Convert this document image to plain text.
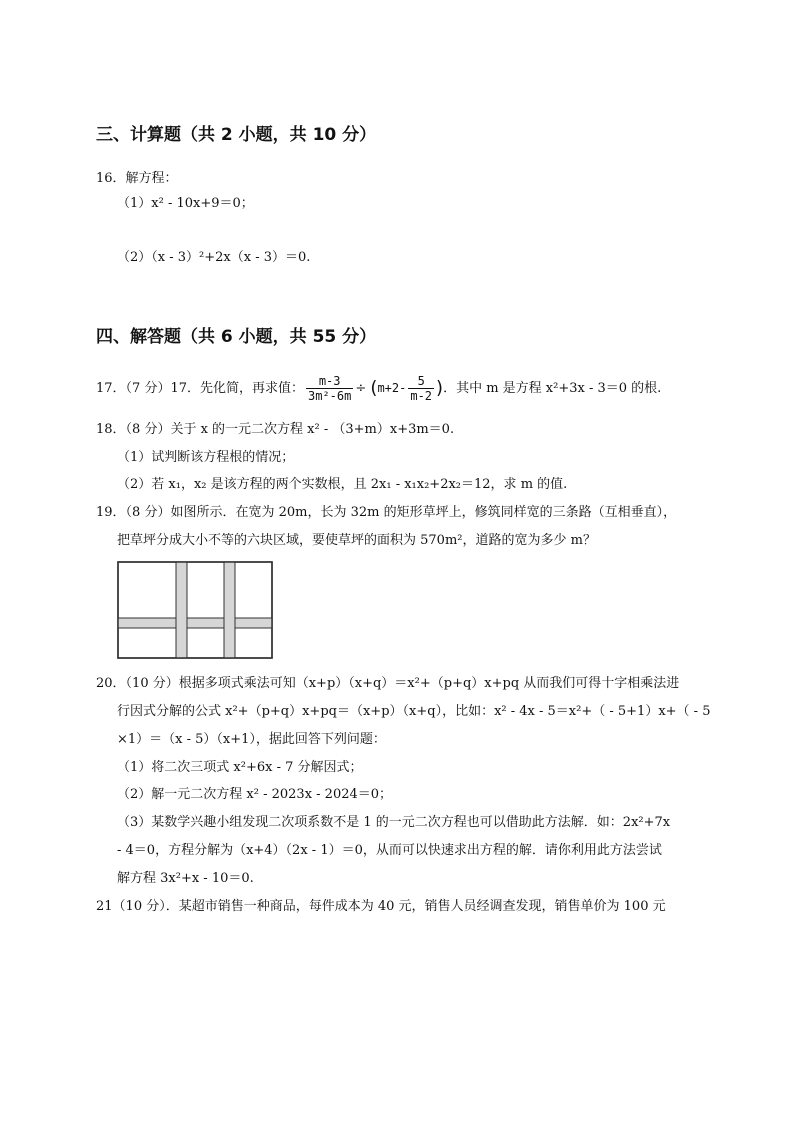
三、计算题（共 2 小题，共 10 分）
16．解方程：
（1）x² - 10x+9＝0；
（2）（x - 3）²+2x（x - 3）＝0.
四、解答题（共 6 小题，共 55 分）
17．（7 分）17．先化简，再求值： $\frac{m-3}{\text{3m²-6m}} \div (m+2- \frac{5}{m-2}$ )．其中 m 是方程 x²+3x - 3＝0 的根.
18．（8 分）关于 x 的一元二次方程 x² - （3+m）x+3m＝0.
（1）试判断该方程根的情况；
（2）若 x₁，x₂ 是该方程的两个实数根，且 2x₁ - x₁x₂+2x₂＝12，求 m 的值.
19．（8 分）如图所示．在宽为 20m，长为 32m 的矩形草坪上，修筑同样宽的三条路（互相垂直），
把草坪分成大小不等的六块区域，要使草坪的面积为 570m²，道路的宽为多少 m？
20．（10 分）根据多项式乘法可知（x+p）（x+q）＝x²+（p+q）x+pq 从而我们可得十字相乘法进
行因式分解的公式 x²+（p+q）x+pq＝（x+p）（x+q），比如：x² - 4x - 5＝x²+（ - 5+1）x+（ - 5
×1）＝（x - 5）（x+1），据此回答下列问题：
（1）将二次三项式 x²+6x - 7 分解因式；
（2）解一元二次方程 x² - 2023x - 2024＝0；
（3）某数学兴趣小组发现二次项系数不是 1 的一元二次方程也可以借助此方法解．如：2x²+7x
- 4＝0，方程分解为（x+4）（2x - 1）＝0，从而可以快速求出方程的解．请你利用此方法尝试
解方程 3x²+x - 10＝0.
21（10 分）．某超市销售一种商品，每件成本为 40 元，销售人员经调查发现，销售单价为 100 元
